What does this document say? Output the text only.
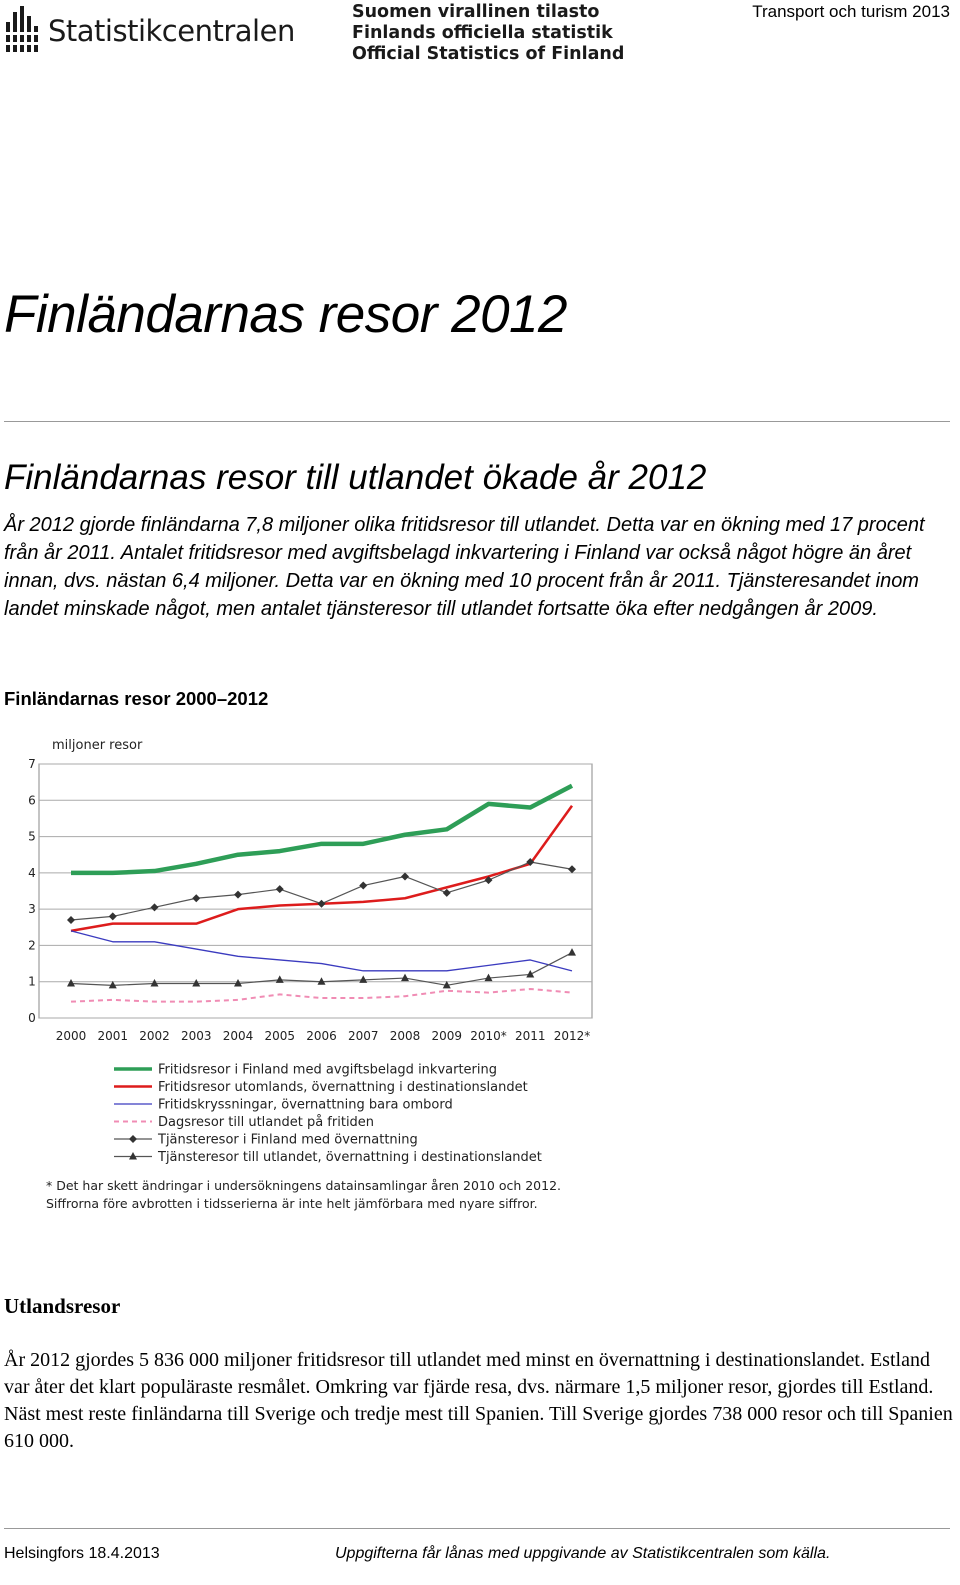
Statistikcentralen
Suomen virallinen tilasto
Finlands officiella statistik
Official Statistics of Finland
Transport och turism 2013
Finländarnas resor 2012
Finländarnas resor till utlandet ökade år 2012

År 2012 gjorde finländarna 7,8 miljoner olika fritidsresor till utlandet. Detta var en ökning med 17 procent från år 2011. Antalet fritidsresor med avgiftsbelagd inkvartering i Finland var också något högre än året innan, dvs. nästan 6,4 miljoner. Detta var en ökning med 10 procent från år 2011. Tjänsteresandet inom landet minskade något, men antalet tjänsteresor till utlandet fortsatte öka efter nedgången år 2009.

Finländarnas resor 2000–2012
0
1
2
3
4
5
6
7
miljoner resor
2000 2001 2002 2003 2004 2005 2006 2007 2008 2009 2010* 2011 2012*
Fritidsresor i Finland med avgiftsbelagd inkvartering
Fritidsresor utomlands, övernattning i destinationslandet
Fritidskryssningar, övernattning bara ombord
Dagsresor till utlandet på fritiden
Tjänsteresor i Finland med övernattning
Tjänsteresor till utlandet, övernattning i destinationslandet
* Det har skett ändringar i undersökningens datainsamlingar åren 2010 och 2012.
Siffrorna före avbrotten i tidsserierna är inte helt jämförbara med nyare siffror.
Utlandsresor

År 2012 gjordes 5 836 000 miljoner fritidsresor till utlandet med minst en övernattning i destinationslandet. Estland var åter det klart populäraste resmålet. Omkring var fjärde resa, dvs. närmare 1,5 miljoner resor, gjordes till Estland. Näst mest reste finländarna till Sverige och tredje mest till Spanien. Till Sverige gjordes 738 000 resor och till Spanien 610 000.

Helsingfors 18.4.2013	Uppgifterna får lånas med uppgivande av Statistikcentralen som källa.
